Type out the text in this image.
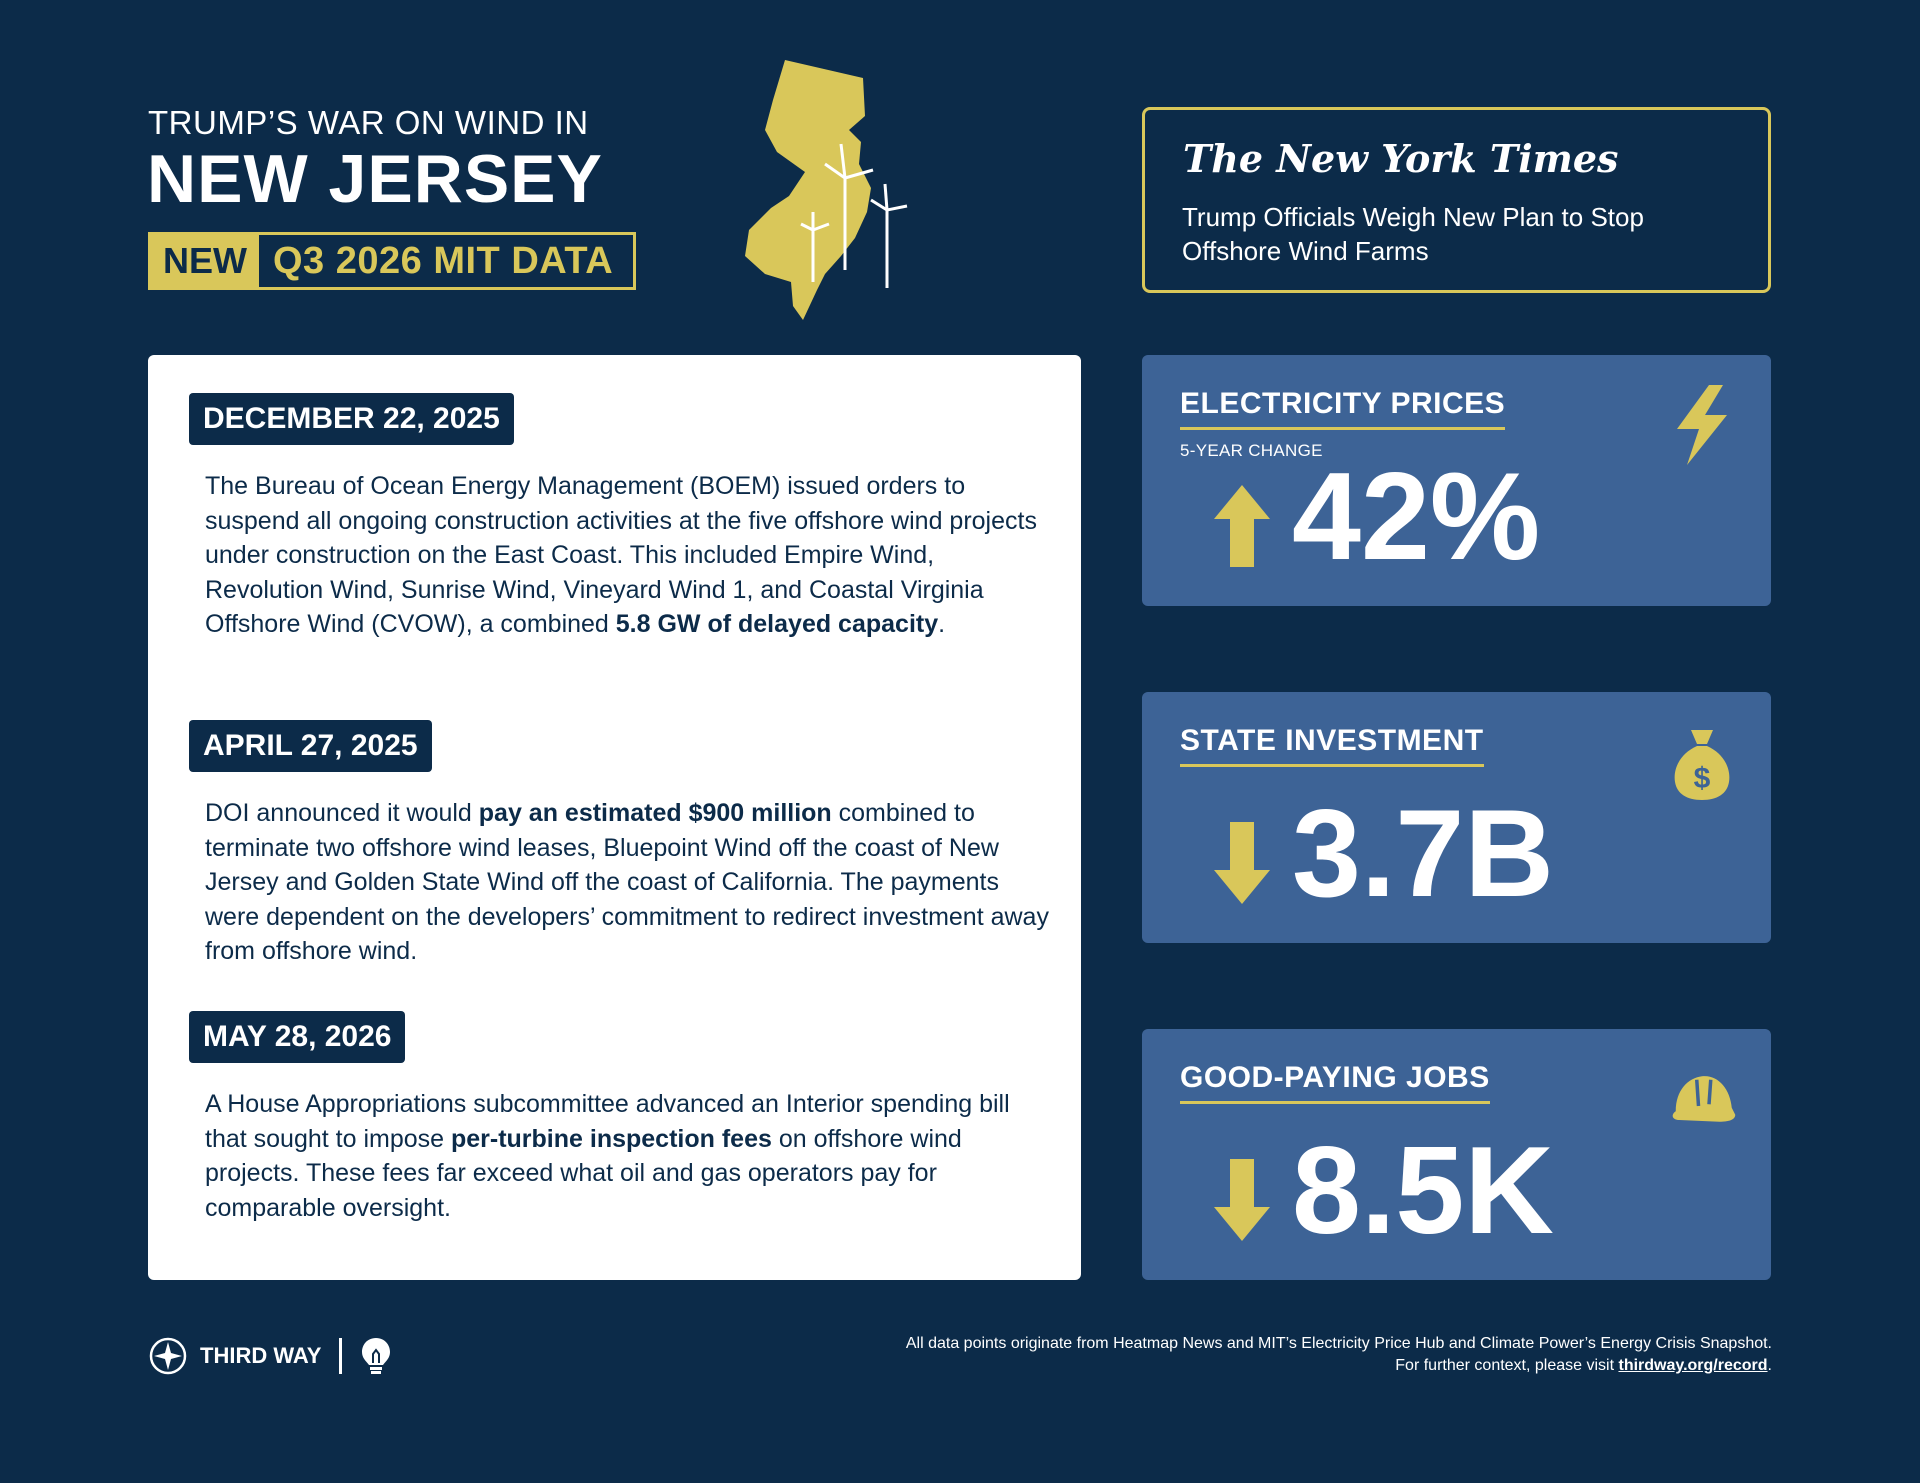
TRUMP’S WAR ON WIND IN
NEW JERSEY
NEW Q3 2026 MIT DATA
The New York Times
Trump Officials Weigh New Plan to Stop Offshore Wind Farms
DECEMBER 22, 2025
The Bureau of Ocean Energy Management (BOEM) issued orders to suspend all ongoing construction activities at the five offshore wind projects under construction on the East Coast. This included Empire Wind, Revolution Wind, Sunrise Wind, Vineyard Wind 1, and Coastal Virginia Offshore Wind (CVOW), a combined 5.8 GW of delayed capacity.
APRIL 27, 2025
DOI announced it would pay an estimated $900 million combined to terminate two offshore wind leases, Bluepoint Wind off the coast of New Jersey and Golden State Wind off the coast of California. The payments were dependent on the developers’ commitment to redirect investment away from offshore wind.
MAY 28, 2026
A House Appropriations subcommittee advanced an Interior spending bill that sought to impose per-turbine inspection fees on offshore wind projects. These fees far exceed what oil and gas operators pay for comparable oversight.
ELECTRICITY PRICES
5-YEAR CHANGE
42%
STATE INVESTMENT
3.7B
$
GOOD-PAYING JOBS
8.5K
THIRD WAY	All data points originate from Heatmap News and MIT’s Electricity Price Hub and Climate Power’s Energy Crisis Snapshot.
For further context, please visit thirdway.org/record.
